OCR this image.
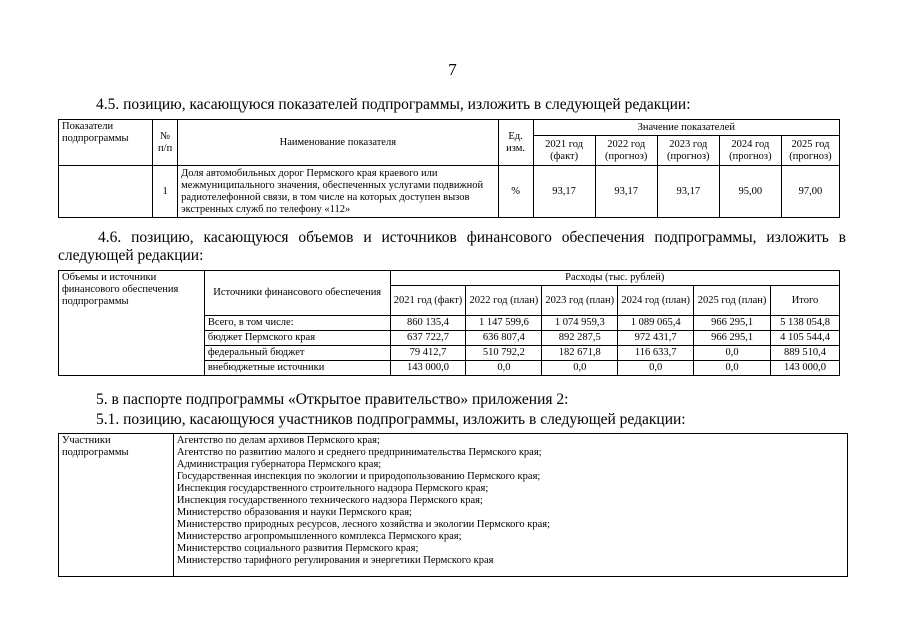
7
4.5. позицию, касающуюся показателей подпрограммы, изложить в следующей редакции:
Показатели подпрограммы	№ п/п	Наименование показателя	Ед. изм.	Значение показателей				
				2021 год (факт)	2022 год (прогноз)	2023 год (прогноз)	2024 год (прогноз)	2025 год (прогноз)
	1	Доля автомобильных дорог Пермского края краевого или межмуниципального значения, обеспеченных услугами подвижной радиотелефонной связи, в том числе на которых доступен вызов экстренных служб по телефону «112»	%	93,17	93,17	93,17	95,00	97,00
4.6. позицию, касающуюся объемов и источников финансового обеспечения подпрограммы, изложить в следующей редакции:
Объемы и источники финансового обеспечения подпрограммы	Источники финансового обеспечения	Расходы (тыс. рублей)					
		2021 год (факт)	2022 год (план)	2023 год (план)	2024 год (план)	2025 год (план)	Итого
	Всего, в том числе:	860 135,4	1 147 599,6	1 074 959,3	1 089 065,4	966 295,1	5 138 054,8
	бюджет Пермского края	637 722,7	636 807,4	892 287,5	972 431,7	966 295,1	4 105 544,4
	федеральный бюджет	79 412,7	510 792,2	182 671,8	116 633,7	0,0	889 510,4
	внебюджетные источники	143 000,0	0,0	0,0	0,0	0,0	143 000,0
5. в паспорте подпрограммы «Открытое правительство» приложения 2:
5.1. позицию, касающуюся участников подпрограммы, изложить в следующей редакции:
Участники подпрограммы	
Агентство по делам архивов Пермского края;
Агентство по развитию малого и среднего предпринимательства Пермского края;
Администрация губернатора Пермского края;
Государственная инспекция по экологии и природопользованию Пермского края;
Инспекция государственного строительного надзора Пермского края;
Инспекция государственного технического надзора Пермского края;
Министерство образования и науки Пермского края;
Министерство природных ресурсов, лесного хозяйства и экологии Пермского края;
Министерство агропромышленного комплекса Пермского края;
Министерство социального развития Пермского края;
Министерство тарифного регулирования и энергетики Пермского края
